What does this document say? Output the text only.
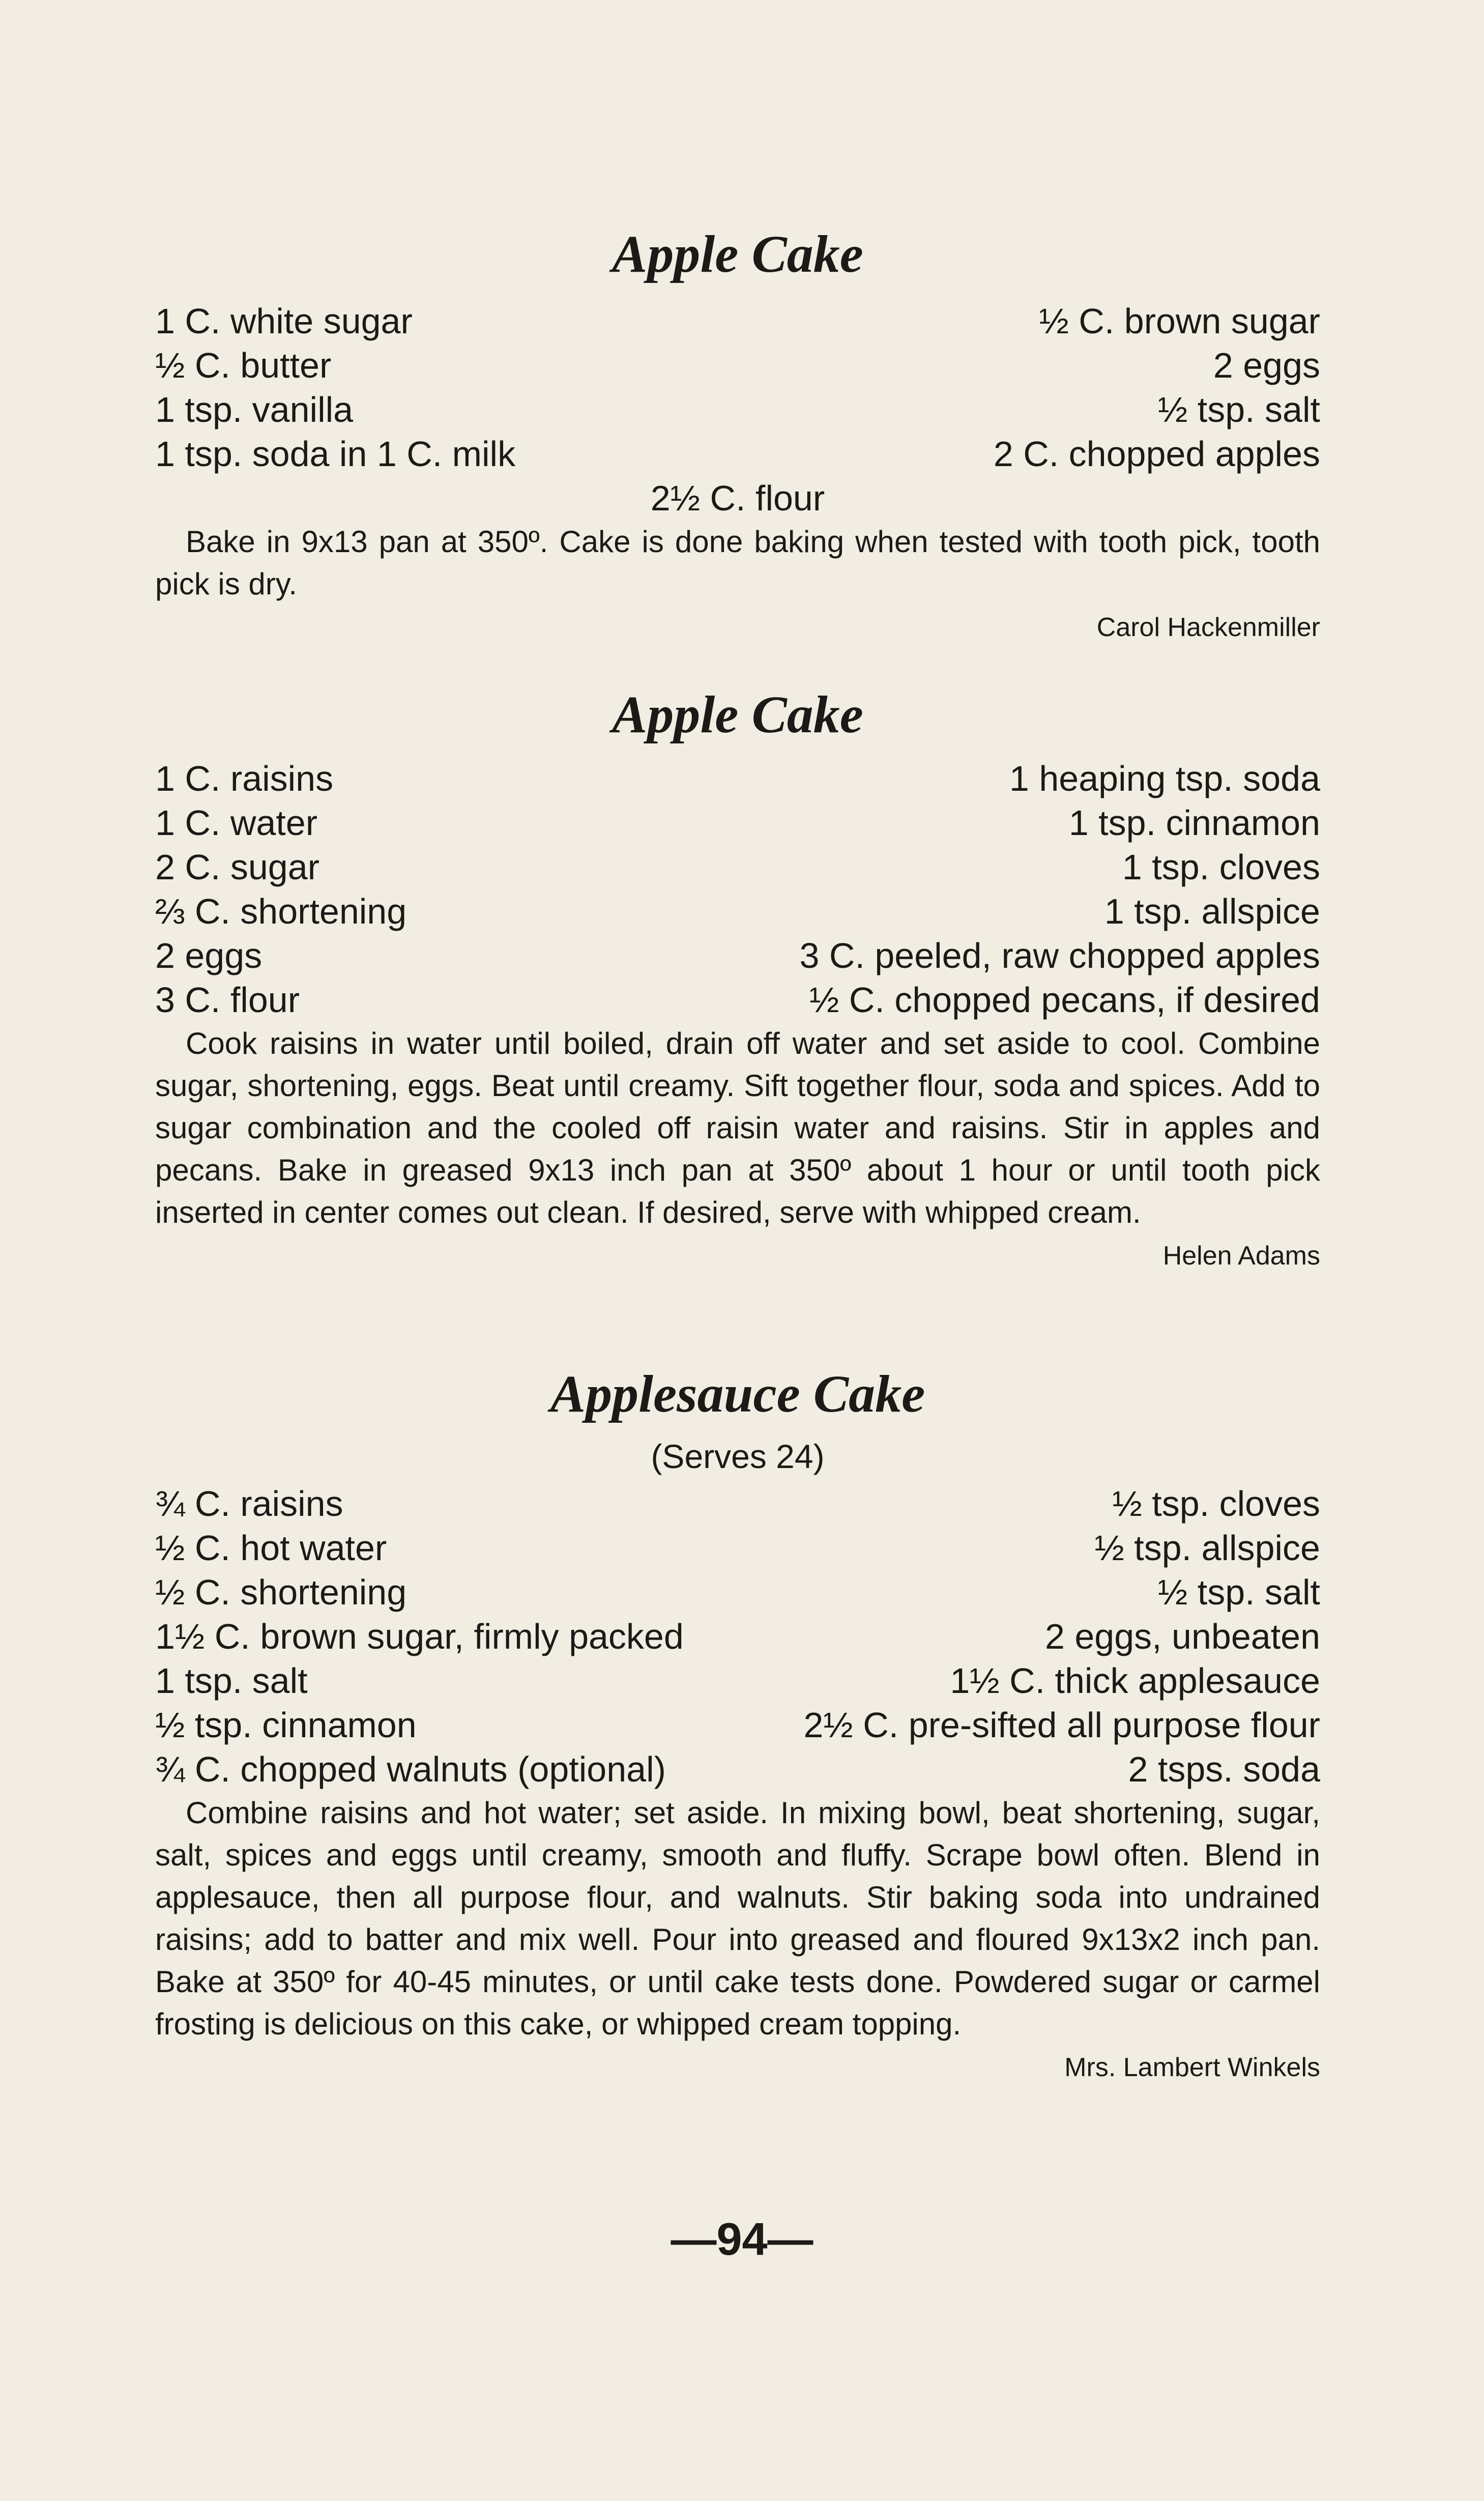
Apple Cake
1 C. white sugar	½ C. brown sugar
½ C. butter	2 eggs
1 tsp. vanilla	½ tsp. salt
1 tsp. soda in 1 C. milk	2 C. chopped apples
2½ C. flour

Bake in 9x13 pan at 350º. Cake is done baking when tested with tooth pick, tooth pick is dry.

Carol Hackenmiller
Apple Cake
1 C. raisins	1 heaping tsp. soda
1 C. water	1 tsp. cinnamon
2 C. sugar	1 tsp. cloves
⅔ C. shortening	1 tsp. allspice
2 eggs	3 C. peeled, raw chopped apples
3 C. flour	½ C. chopped pecans, if desired

Cook raisins in water until boiled, drain off water and set aside to cool. Combine sugar, shortening, eggs. Beat until creamy. Sift together flour, soda and spices. Add to sugar combination and the cooled off raisin water and raisins. Stir in apples and pecans. Bake in greased 9x13 inch pan at 350º about 1 hour or until tooth pick inserted in center comes out clean. If desired, serve with whipped cream.

Helen Adams
Applesauce Cake
(Serves 24)
¾ C. raisins	½ tsp. cloves
½ C. hot water	½ tsp. allspice
½ C. shortening	½ tsp. salt
1½ C. brown sugar, firmly packed	2 eggs, unbeaten
1 tsp. salt	1½ C. thick applesauce
½ tsp. cinnamon	2½ C. pre-sifted all purpose flour
¾ C. chopped walnuts (optional)	2 tsps. soda

Combine raisins and hot water; set aside. In mixing bowl, beat shortening, sugar, salt, spices and eggs until creamy, smooth and fluffy. Scrape bowl often. Blend in applesauce, then all purpose flour, and walnuts. Stir baking soda into undrained raisins; add to batter and mix well. Pour into greased and floured 9x13x2 inch pan. Bake at 350º for 40-45 minutes, or until cake tests done. Powdered sugar or carmel frosting is delicious on this cake, or whipped cream topping.

Mrs. Lambert Winkels
—94—
